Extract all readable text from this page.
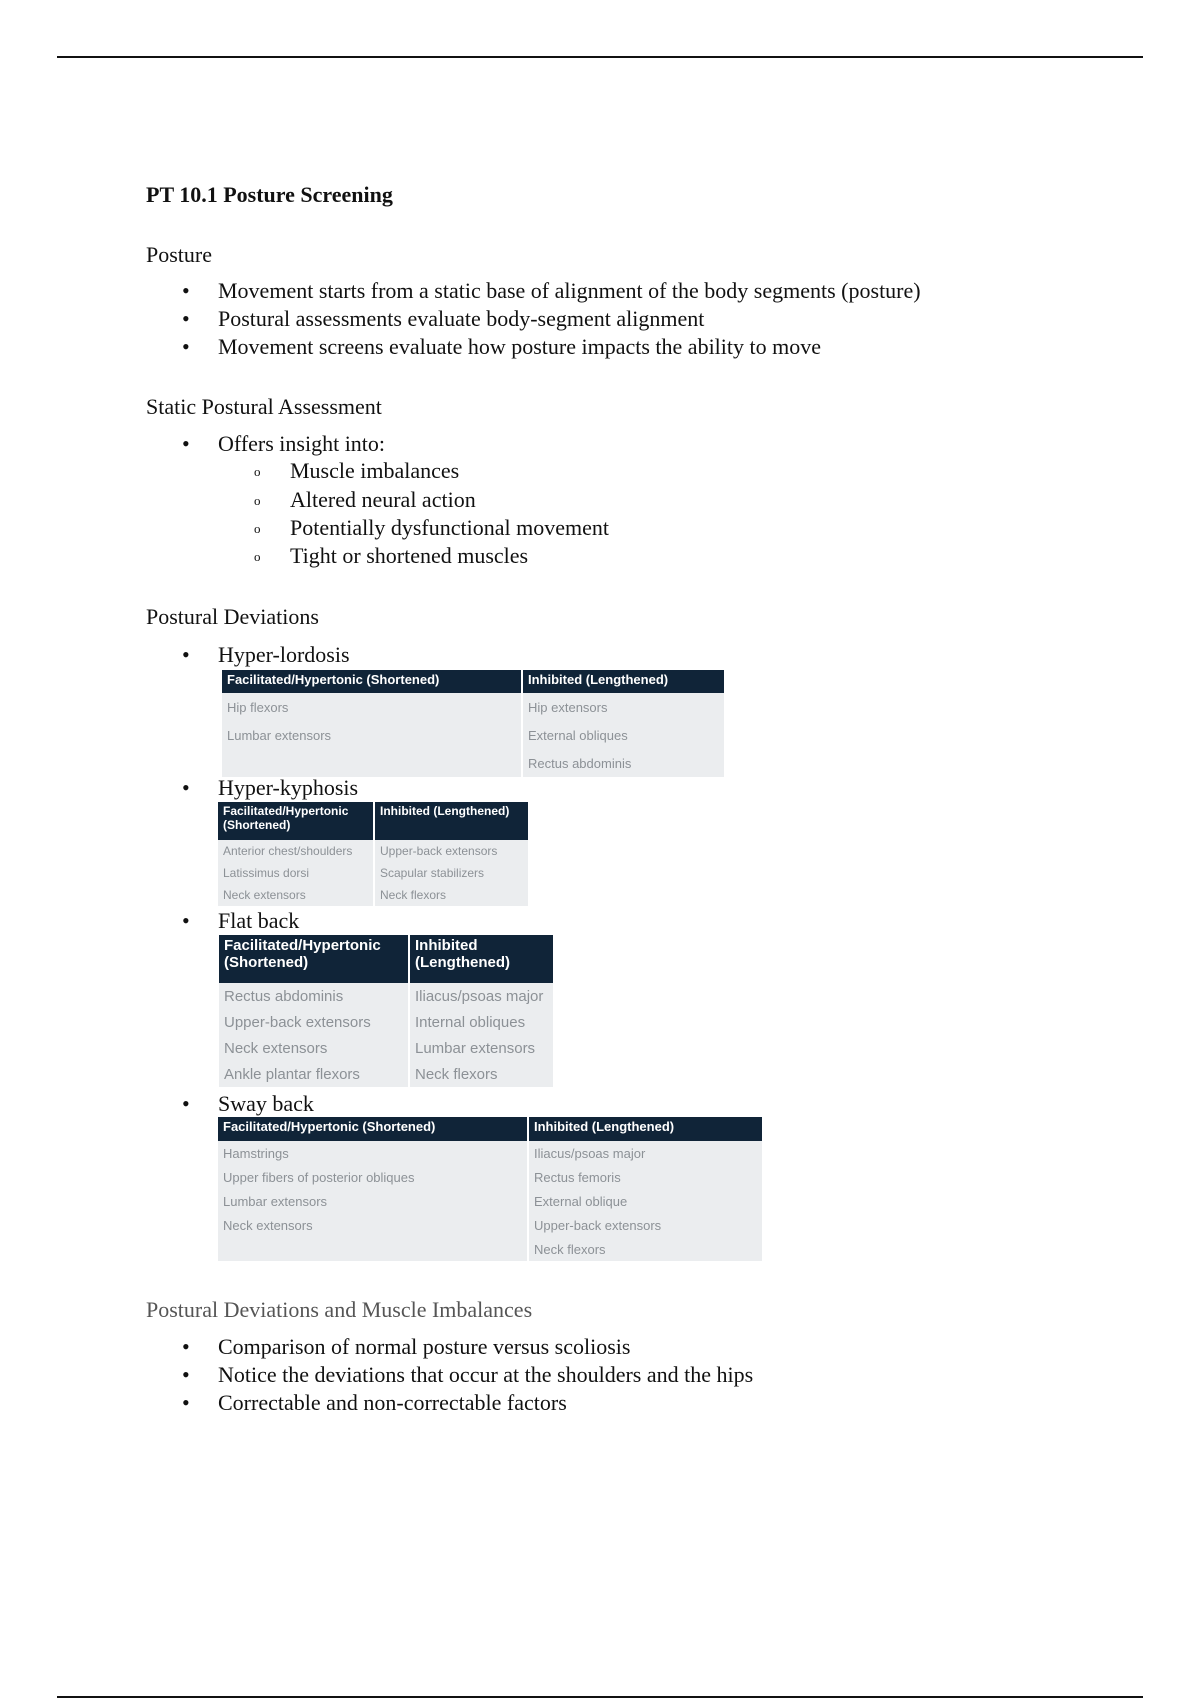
PT 10.1 Posture Screening
Posture
•	Movement starts from a static base of alignment of the body segments (posture)
•	Postural assessments evaluate body-segment alignment
•	Movement screens evaluate how posture impacts the ability to move
Static Postural Assessment
•	Offers insight into:
o Muscle imbalances
o Altered neural action
o Potentially dysfunctional movement
o Tight or shortened muscles
Postural Deviations
•	Hyper-lordosis
Facilitated/Hypertonic (Shortened)	Inhibited (Lengthened)
Hip flexors	Hip extensors
Lumbar extensors	External obliques
	Rectus abdominis
•	Hyper-kyphosis
Facilitated/Hypertonic (Shortened)	Inhibited (Lengthened)
Anterior chest/shoulders	Upper-back extensors
Latissimus dorsi	Scapular stabilizers
Neck extensors	Neck flexors
•	Flat back
Facilitated/Hypertonic (Shortened)	Inhibited (Lengthened)
Rectus abdominis	Iliacus/psoas major
Upper-back extensors	Internal obliques
Neck extensors	Lumbar extensors
Ankle plantar flexors	Neck flexors
•	Sway back
Facilitated/Hypertonic (Shortened)	Inhibited (Lengthened)
Hamstrings	Iliacus/psoas major
Upper fibers of posterior obliques	Rectus femoris
Lumbar extensors	External oblique
Neck extensors	Upper-back extensors
	Neck flexors
Postural Deviations and Muscle Imbalances
•	Comparison of normal posture versus scoliosis
•	Notice the deviations that occur at the shoulders and the hips
•	Correctable and non-correctable factors
